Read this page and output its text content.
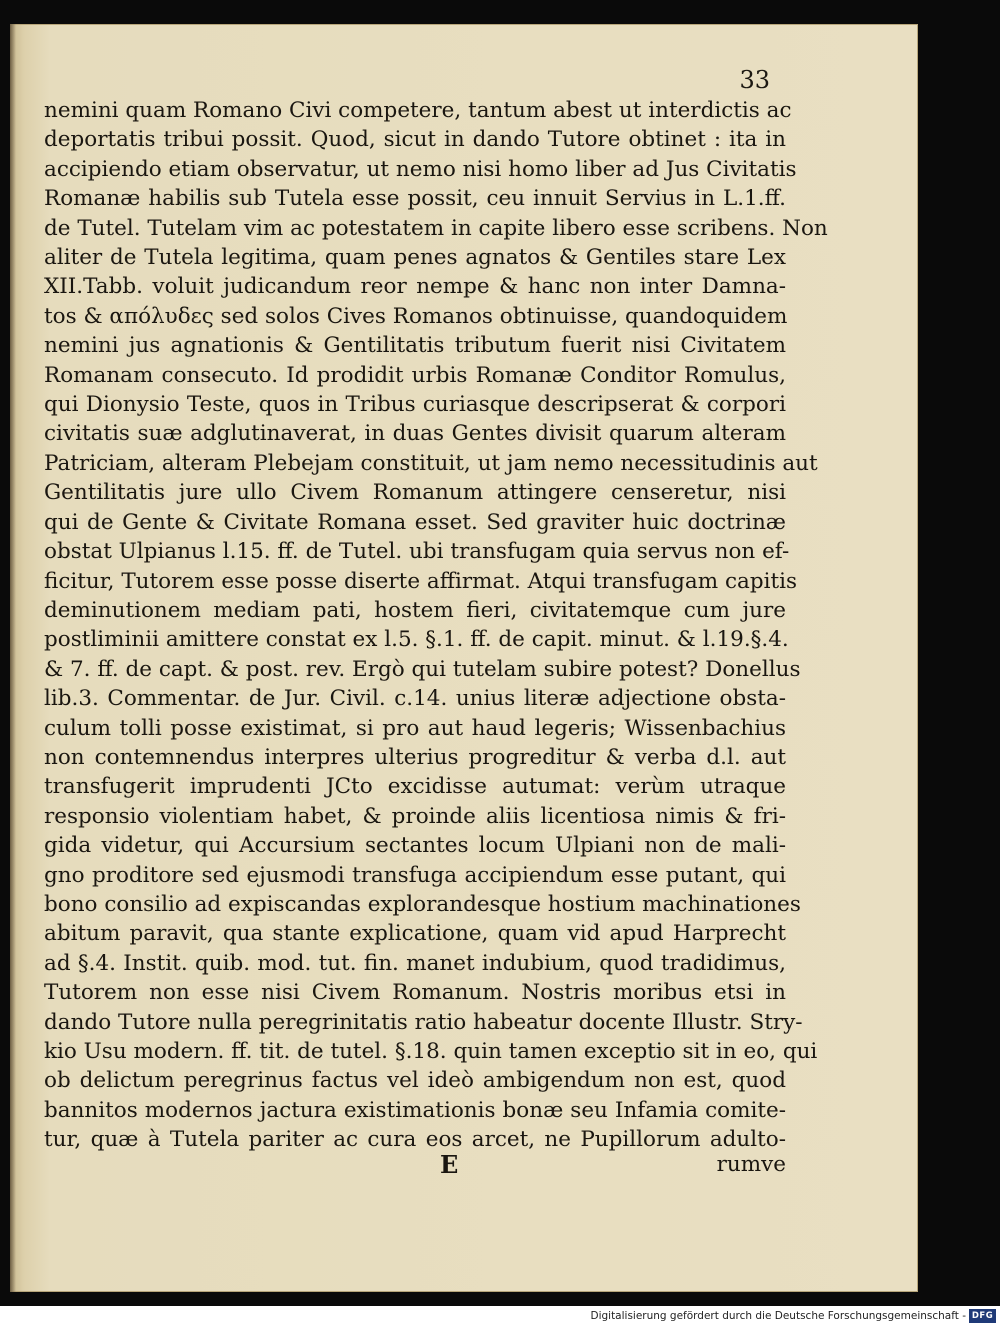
33
nemini quam Romano Civi competere, tantum abest ut interdictis ac
deportatis tribui possit. Quod, sicut in dando Tutore obtinet : ita in
accipiendo etiam observatur, ut nemo nisi homo liber ad Jus Civitatis
Romanæ habilis sub Tutela esse possit, ceu innuit Servius in L.1.ff.
de Tutel. Tutelam vim ac potestatem in capite libero esse scribens. Non
aliter de Tutela legitima, quam penes agnatos & Gentiles stare Lex
XII.Tabb. voluit judicandum reor nempe & hanc non inter Damna-
tos & απόλυδες sed solos Cives Romanos obtinuisse, quandoquidem
nemini jus agnationis & Gentilitatis tributum fuerit nisi Civitatem
Romanam consecuto. Id prodidit urbis Romanæ Conditor Romulus,
qui Dionysio Teste, quos in Tribus curiasque descripserat & corpori
civitatis suæ adglutinaverat, in duas Gentes divisit quarum alteram
Patriciam, alteram Plebejam constituit, ut jam nemo necessitudinis aut
Gentilitatis jure ullo Civem Romanum attingere censeretur, nisi
qui de Gente & Civitate Romana esset. Sed graviter huic doctrinæ
obstat Ulpianus l.15. ff. de Tutel. ubi transfugam quia servus non ef-
ficitur, Tutorem esse posse diserte affirmat. Atqui transfugam capitis
deminutionem mediam pati, hostem fieri, civitatemque cum jure
postliminii amittere constat ex l.5. §.1. ff. de capit. minut. & l.19.§.4.
& 7. ff. de capt. & post. rev. Ergò qui tutelam subire potest? Donellus
lib.3. Commentar. de Jur. Civil. c.14. unius literæ adjectione obsta-
culum tolli posse existimat, si pro aut haud legeris; Wissenbachius
non contemnendus interpres ulterius progreditur & verba d.l. aut
transfugerit imprudenti JCto excidisse autumat: verùm utraque
responsio violentiam habet, & proinde aliis licentiosa nimis & fri-
gida videtur, qui Accursium sectantes locum Ulpiani non de mali-
gno proditore sed ejusmodi transfuga accipiendum esse putant, qui
bono consilio ad expiscandas explorandesque hostium machinationes
abitum paravit, qua stante explicatione, quam vid apud Harprecht
ad §.4. Instit. quib. mod. tut. fin. manet indubium, quod tradidimus,
Tutorem non esse nisi Civem Romanum. Nostris moribus etsi in
dando Tutore nulla peregrinitatis ratio habeatur docente Illustr. Stry-
kio Usu modern. ff. tit. de tutel. §.18. quin tamen exceptio sit in eo, qui
ob delictum peregrinus factus vel ideò ambigendum non est, quod
bannitos modernos jactura existimationis bonæ seu Infamia comite-
tur, quæ à Tutela pariter ac cura eos arcet, ne Pupillorum adulto-
E	rumve
Digitalisierung gefördert durch die Deutsche Forschungsgemeinschaft - DFG
